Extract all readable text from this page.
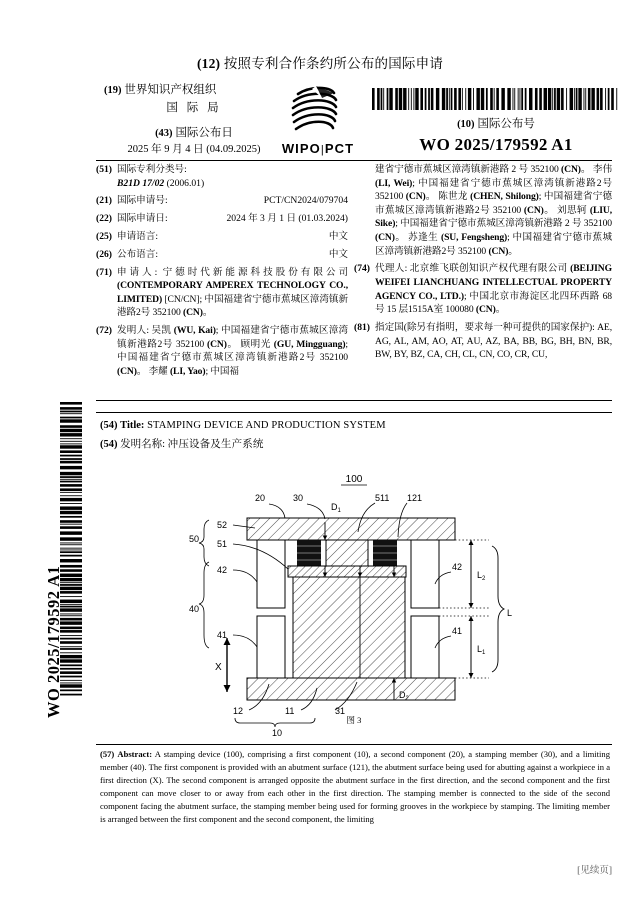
(12) 按照专利合作条约所公布的国际申请
(19) 世界知识产权组织
国 际 局
(43) 国际公布日
2025 年 9 月 4 日 (04.09.2025)	WIPO|PCT
(10) 国际公布号
WO 2025/179592 A1
(51) 国际专利分类号:
B21D 17/02 (2006.01)
(21) 国际申请号:	PCT/CN2024/079704
(22) 国际申请日:	2024 年 3 月 1 日 (01.03.2024)
(25) 申请语言:	中文
(26) 公布语言:	中文
(71) 申请人: 宁德时代新能源科技股份有限公司 (CONTEMPORARY AMPEREX TECHNOLOGY CO., LIMITED) [CN/CN]; 中国福建省宁德市蕉城区漳湾镇新港路2号 352100 (CN)。
(72) 发明人: 吴凯 (WU, Kai); 中国福建省宁德市蕉城区漳湾镇新港路2号 352100 (CN)。 顾明光 (GU, Mingguang); 中国福建省宁德市蕉城区漳湾镇新港路2号 352100 (CN)。 李耀 (LI, Yao); 中国福
建省宁德市蕉城区漳湾镇新港路 2 号 352100 (CN)。 李伟 (LI, Wei); 中国福建省宁德市蕉城区漳湾镇新港路2号 352100 (CN)。 陈世龙 (CHEN, Shilong); 中国福建省宁德市蕉城区漳湾镇新港路2号 352100 (CN)。 刘思轲 (LIU, Sike); 中国福建省宁德市蕉城区漳湾镇新港路 2 号 352100 (CN)。 苏逢生 (SU, Fengsheng); 中国福建省宁德市蕉城区漳湾镇新港路2号 352100 (CN)。
(74) 代理人: 北京维飞联创知识产权代理有限公司 (BEIJING WEIFEI LIANCHUANG INTELLECTUAL PROPERTY AGENCY CO., LTD.); 中国北京市海淀区北四环西路 68 号 15 层1515A室 100080 (CN)。
(81) 指定国(除另有指明，要求每一种可提供的国家保护): AE, AG, AL, AM, AO, AT, AU, AZ, BA, BB, BG, BH, BN, BR, BW, BY, BZ, CA, CH, CL, CN, CO, CR, CU,
(54) Title: STAMPING DEVICE AND PRODUCTION SYSTEM
(54) 发明名称: 冲压设备及生产系统
100
$D_1$
$D_2$
$L_2$
$L_1$
L
X
20	30	511 121
52
51
50
42
41
40
42
41
12	11	31
10
图 3
(57) Abstract: A stamping device (100), comprising a first component (10), a second component (20), a stamping member (30), and a limiting member (40). The first component is provided with an abutment surface (121), the abutment surface being used for abutting against a workpiece in a first direction (X). The second component is arranged opposite the abutment surface in the first direction, and the second component and the first component can move closer to or away from each other in the first direction. The stamping member is connected to the side of the second component facing the abutment surface, the stamping member being used for forming grooves in the workpiece by stamping. The limiting member is arranged between the first component and the second component, the limiting
WO 2025/179592 A1
[见续页]
